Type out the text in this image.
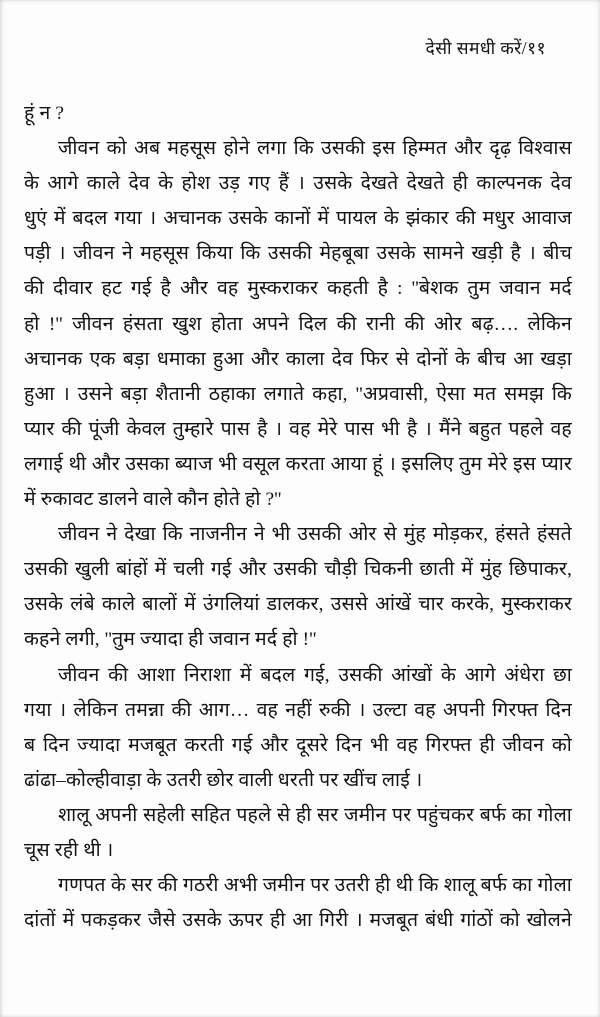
देसी समधी करें/११
हूं न ?
जीवन को अब महसूस होने लगा कि उसकी इस हिम्मत और दृढ़ विश्वास
के आगे काले देव के होश उड़ गए हैं । उसके देखते देखते ही काल्पनक देव
धुएं में बदल गया । अचानक उसके कानों में पायल के झंकार की मधुर आवाज
पड़ी । जीवन ने महसूस किया कि उसकी मेहबूबा उसके सामने खड़ी है । बीच
की दीवार हट गई है और वह मुस्कराकर कहती है : ''बेशक तुम जवान मर्द
हो !'' जीवन हंसता खुश होता अपने दिल की रानी की ओर बढ़…. लेकिन
अचानक एक बड़ा धमाका हुआ और काला देव फिर से दोनों के बीच आ खड़ा
हुआ । उसने बड़ा शैतानी ठहाका लगाते कहा, ''अप्रवासी, ऐसा मत समझ कि
प्यार की पूंजी केवल तुम्हारे पास है । वह मेरे पास भी है । मैंने बहुत पहले वह
लगाई थी और उसका ब्याज भी वसूल करता आया हूं । इसलिए तुम मेरे इस प्यार
में रुकावट डालने वाले कौन होते हो ?''
जीवन ने देखा कि नाजनीन ने भी उसकी ओर से मुंह मोड़कर, हंसते हंसते
उसकी खुली बांहों में चली गई और उसकी चौड़ी चिकनी छाती में मुंह छिपाकर,
उसके लंबे काले बालों में उंगलियां डालकर, उससे आंखें चार करके, मुस्कराकर
कहने लगी, ''तुम ज्यादा ही जवान मर्द हो !''
जीवन की आशा निराशा में बदल गई, उसकी आंखों के आगे अंधेरा छा
गया । लेकिन तमन्ना की आग… वह नहीं रुकी । उल्टा वह अपनी गिरफ्त दिन
ब दिन ज्यादा मजबूत करती गई और दूसरे दिन भी वह गिरफ्त ही जीवन को
ढांढा–कोल्हीवाड़ा के उतरी छोर वाली धरती पर खींच लाई ।
शालू अपनी सहेली सहित पहले से ही सर जमीन पर पहुंचकर बर्फ का गोला
चूस रही थी ।
गणपत के सर की गठरी अभी जमीन पर उतरी ही थी कि शालू बर्फ का गोला
दांतों में पकड़कर जैसे उसके ऊपर ही आ गिरी । मजबूत बंधी गांठों को खोलने
